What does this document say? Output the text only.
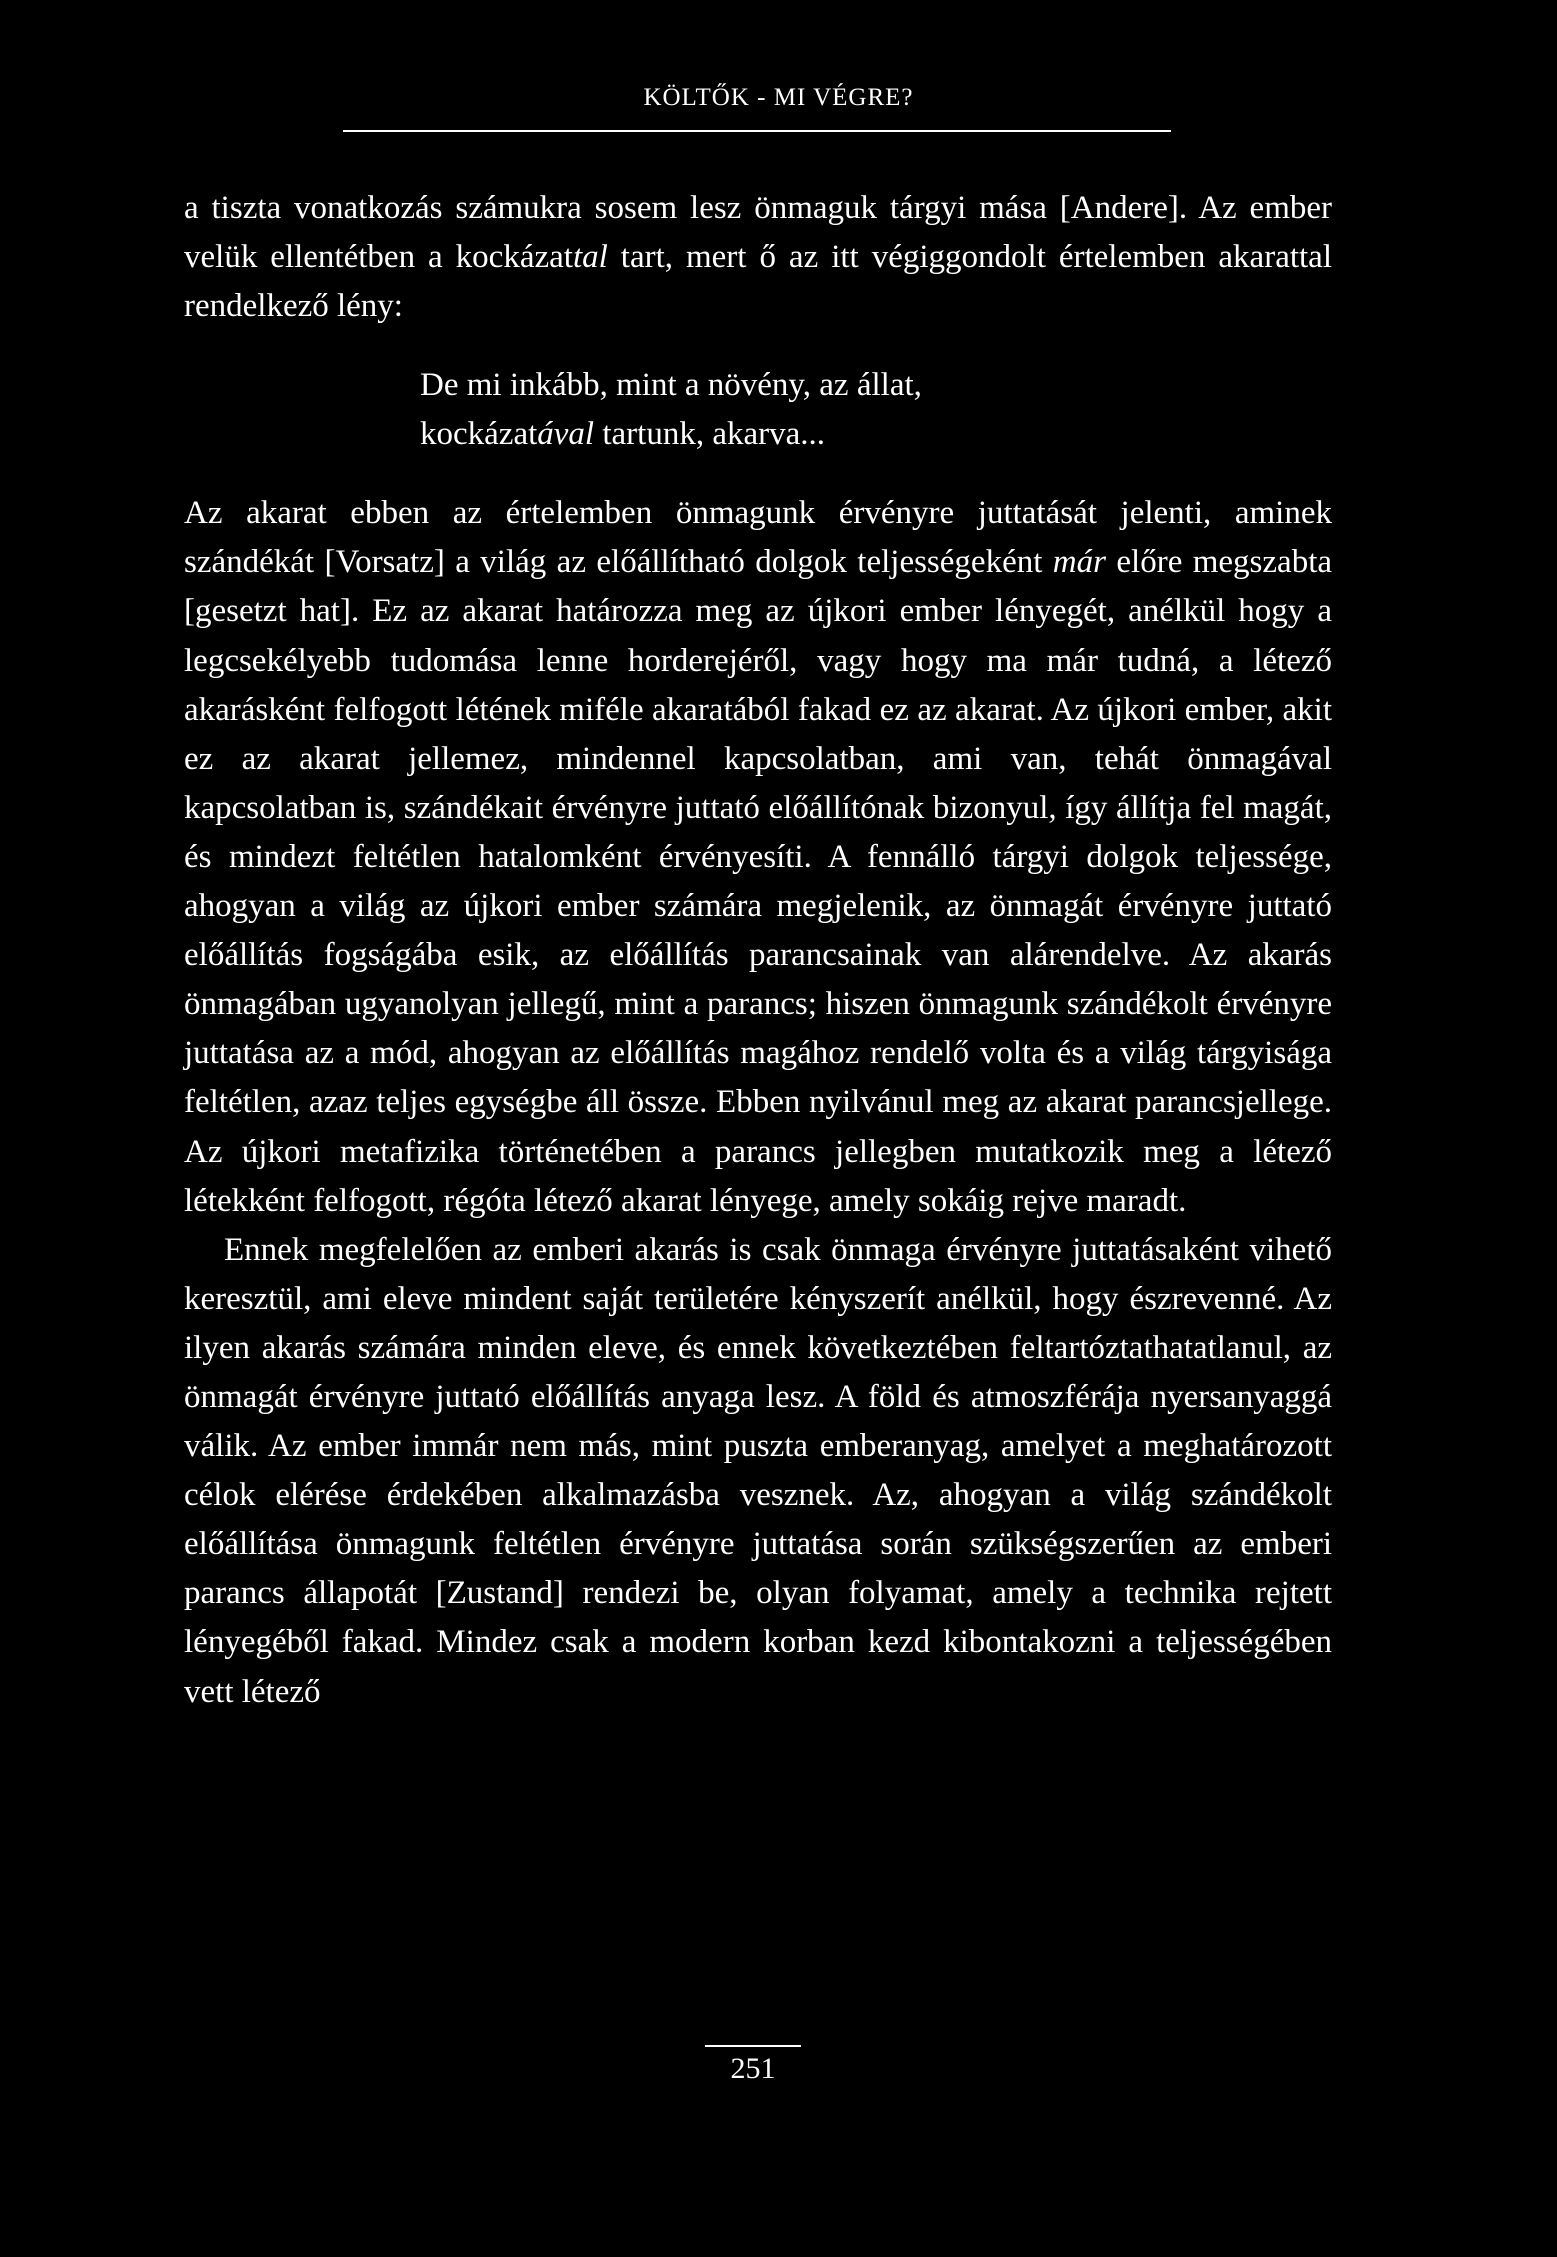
KÖLTŐK - MI VÉGRE?

a tiszta vonatkozás számukra sosem lesz önmaguk tárgyi mása [Andere]. Az ember velük ellentétben a kockázattal tart, mert ő az itt végiggondolt értelemben akarattal rendelkező lény:

De mi inkább, mint a növény, az állat,
kockázatával tartunk, akarva...

Az akarat ebben az értelemben önmagunk érvényre juttatását jelenti, aminek szándékát [Vorsatz] a világ az előállítható dolgok teljességeként már előre megszabta [gesetzt hat]. Ez az akarat határozza meg az újkori ember lényegét, anélkül hogy a legcsekélyebb tudomása lenne horderejéről, vagy hogy ma már tudná, a létező akarásként felfogott létének miféle akaratából fakad ez az akarat. Az újkori ember, akit ez az akarat jellemez, mindennel kapcsolatban, ami van, tehát önmagával kapcsolatban is, szándékait érvényre juttató előállítónak bizonyul, így állítja fel magát, és mindezt feltétlen hatalomként érvényesíti. A fennálló tárgyi dolgok teljessége, ahogyan a világ az újkori ember számára megjelenik, az önmagát érvényre juttató előállítás fogságába esik, az előállítás parancsainak van alárendelve. Az akarás önmagában ugyanolyan jellegű, mint a parancs; hiszen önmagunk szándékolt érvényre juttatása az a mód, ahogyan az előállítás magához rendelő volta és a világ tárgyisága feltétlen, azaz teljes egységbe áll össze. Ebben nyilvánul meg az akarat parancsjellege. Az újkori metafizika történetében a parancs jellegben mutatkozik meg a létező létekként felfogott, régóta létező akarat lényege, amely sokáig rejve maradt.

Ennek megfelelően az emberi akarás is csak önmaga érvényre juttatásaként vihető keresztül, ami eleve mindent saját területére kényszerít anélkül, hogy észrevenné. Az ilyen akarás számára minden eleve, és ennek következtében feltartóztathatatlanul, az önmagát érvényre juttató előállítás anyaga lesz. A föld és atmoszférája nyersanyaggá válik. Az ember immár nem más, mint puszta emberanyag, amelyet a meghatározott célok elérése érdekében alkalmazásba vesznek. Az, ahogyan a világ szándékolt előállítása önmagunk feltétlen érvényre juttatása során szükségszerűen az emberi parancs állapotát [Zustand] rendezi be, olyan folyamat, amely a technika rejtett lényegéből fakad. Mindez csak a modern korban kezd kibontakozni a teljességében vett létező

251
